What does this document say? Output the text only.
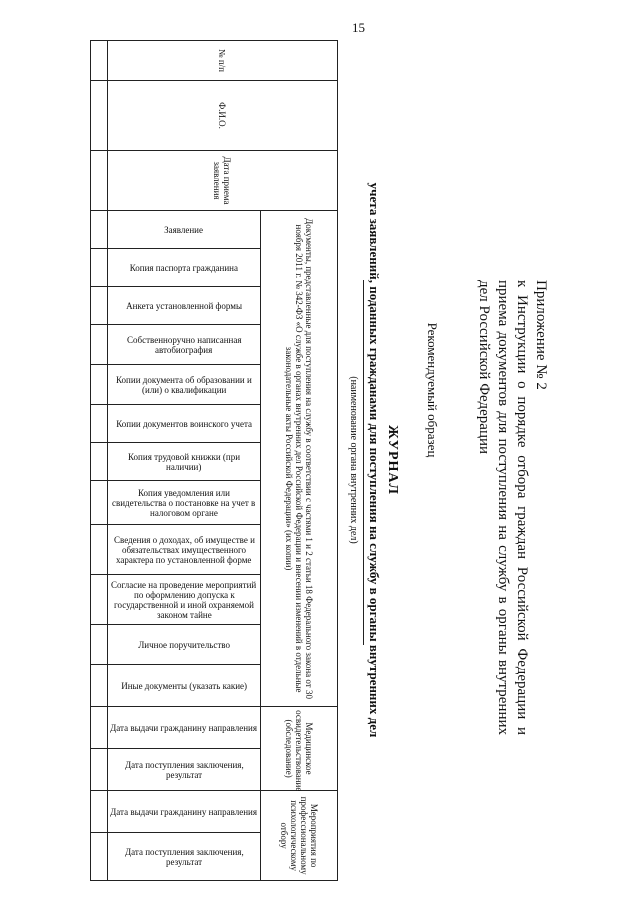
15
Приложение № 2
к Инструкции о порядке отбора граждан Российской Федерации и приема документов для поступления на службу в органы внутренних дел Российской Федерации
Рекомендуемый образец
ЖУРНАЛ
учета заявлений, поданных гражданами для поступления на службу в органы внутренних дел
(наименование органа внутренних дел)
№ п/п	Ф.И.О.	Дата приема заявления	Документы, представленные для поступления на службу в соответствии с частями 1 и 2 статьи 18 Федерального закона от 30 ноября 2011 г. № 342-ФЗ «О службе в органах внутренних дел Российской Федерации и внесении изменений в отдельные законодательные акты Российской Федерации» (их копии)												Медицинское освидетельствование (обследование)		Мероприятия по профессиональному психологическому отбору	

			Заявление	Копия паспорта гражданина	Анкета установленной формы	Собственноручно написанная автобиография	Копии документа об образовании и (или) о квалификации	Копии документов воинского учета	Копия трудовой книжки (при наличии)	Копия уведомления или свидетельства о постановке на учет в налоговом органе	Сведения о доходах, об имуществе и обязательствах имущественного характера по установленной форме	Согласие на проведение мероприятий по оформлению допуска к государственной и иной охраняемой законом тайне	Личное поручительство	Иные документы (указать какие)	Дата выдачи гражданину направления	Дата поступления заключения, результат	Дата выдачи гражданину направления	Дата поступления заключения, результат
